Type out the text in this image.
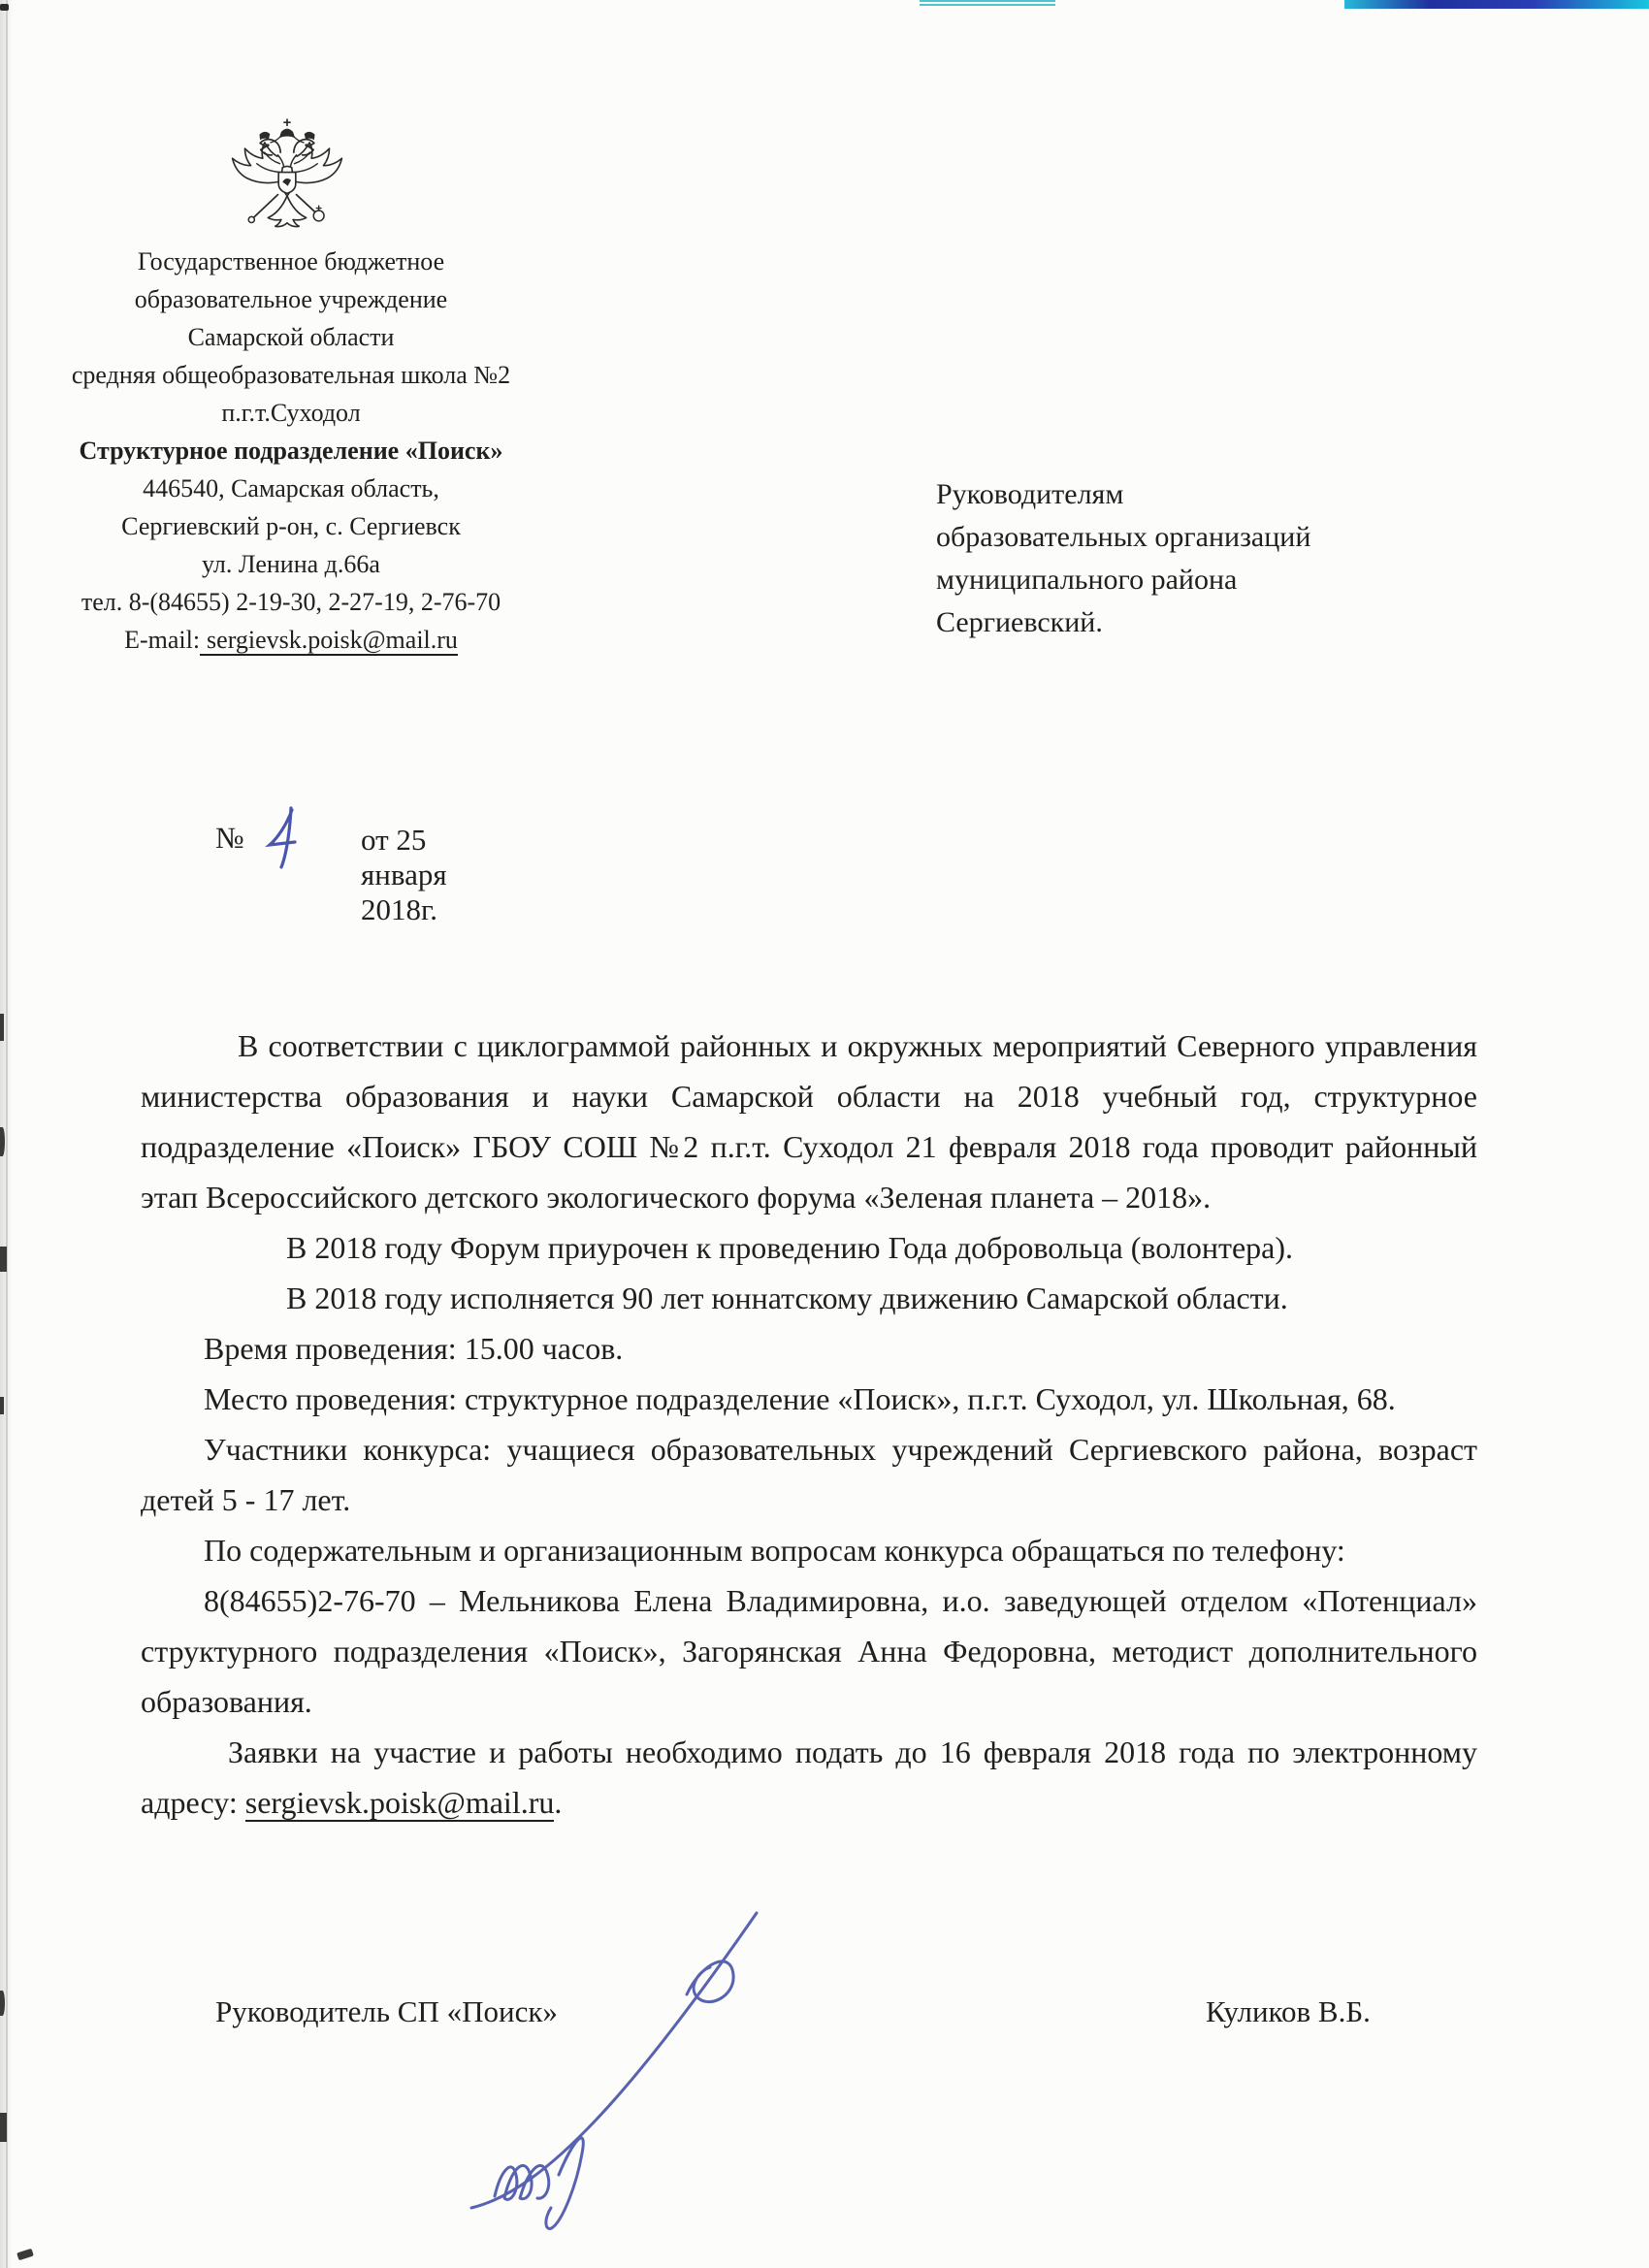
Государственное бюджетное
образовательное учреждение
Самарской области
средняя общеобразовательная школа №2
п.г.т.Суходол
Структурное подразделение «Поиск»
446540, Самарская область,
Сергиевский р-он, с. Сергиевск
ул. Ленина д.66а
тел. 8-(84655) 2-19-30, 2-27-19, 2-76-70
E-mail: sergievsk.poisk@mail.ru
№	от 25 января 2018г.
Руководителям
образовательных организаций
муниципального района
Сергиевский.

В соответствии с циклограммой районных и окружных мероприятий Северного управления министерства образования и науки Самарской области на 2018 учебный год, структурное подразделение «Поиск» ГБОУ СОШ №2 п.г.т. Суходол 21 февраля 2018 года проводит районный этап Всероссийского детского экологического форума «Зеленая планета – 2018».

В 2018 году Форум приурочен к проведению Года добровольца (волонтера).

В 2018 году исполняется 90 лет юннатскому движению Самарской области.

Время проведения: 15.00 часов.

Место проведения: структурное подразделение «Поиск», п.г.т. Суходол, ул. Школьная, 68.

Участники конкурса: учащиеся образовательных учреждений Сергиевского района, возраст детей 5 - 17 лет.

По содержательным и организационным вопросам конкурса обращаться по телефону:

8(84655)2-76-70 – Мельникова Елена Владимировна, и.о. заведующей отделом «Потенциал» структурного подразделения «Поиск», Загорянская Анна Федоровна, методист дополнительного образования.

Заявки на участие и работы необходимо подать до 16 февраля 2018 года по электронному адресу: sergievsk.poisk@mail.ru.

Руководитель СП «Поиск»	Куликов В.Б.
